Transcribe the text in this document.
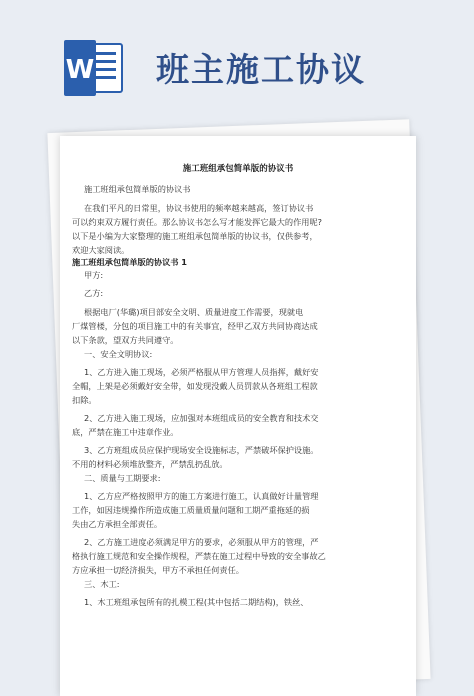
W 班主施工协议
施工班组承包简单版的协议书
施工班组承包简单版的协议书
在我们平凡的日常里，协议书使用的频率越来越高，签订协议书
可以约束双方履行责任。那么协议书怎么写才能发挥它最大的作用呢?
以下是小编为大家整理的施工班组承包简单版的协议书，仅供参考，
欢迎大家阅读。
施工班组承包简单版的协议书 1
甲方:
乙方:
根据电厂(华璐)项目部安全文明、质量进度工作需要，现就电
厂煤管楼，分包的项目施工中的有关事宜，经甲乙双方共同协商达成
以下条款，望双方共同遵守。
一、安全文明协议:
1、乙方进入施工现场，必须严格服从甲方管理人员指挥，戴好安
全帽，上架是必须戴好安全带，如发现没戴人员罚款从各班组工程款
扣除。
2、乙方进入施工现场，应加强对本班组成员的安全教育和技术交
底，严禁在施工中违章作业。
3、乙方班组成员应保护现场安全设施标志，严禁破坏保护设施。
不用的材料必须堆放整齐，严禁乱扔乱放。
二、质量与工期要求:
1、乙方应严格按照甲方的施工方案进行施工，认真做好计量管理
工作，如因违规操作所造成施工质量质量问题和工期严重拖延的损
失由乙方承担全部责任。
2、乙方施工进度必须满足甲方的要求，必须服从甲方的管理，严
格执行施工规范和安全操作规程，严禁在施工过程中导致的安全事故乙
方应承担一切经济损失，甲方不承担任何责任。
三、木工:
1、木工班组承包所有的扎模工程(其中包括二期结构)，铁丝、
